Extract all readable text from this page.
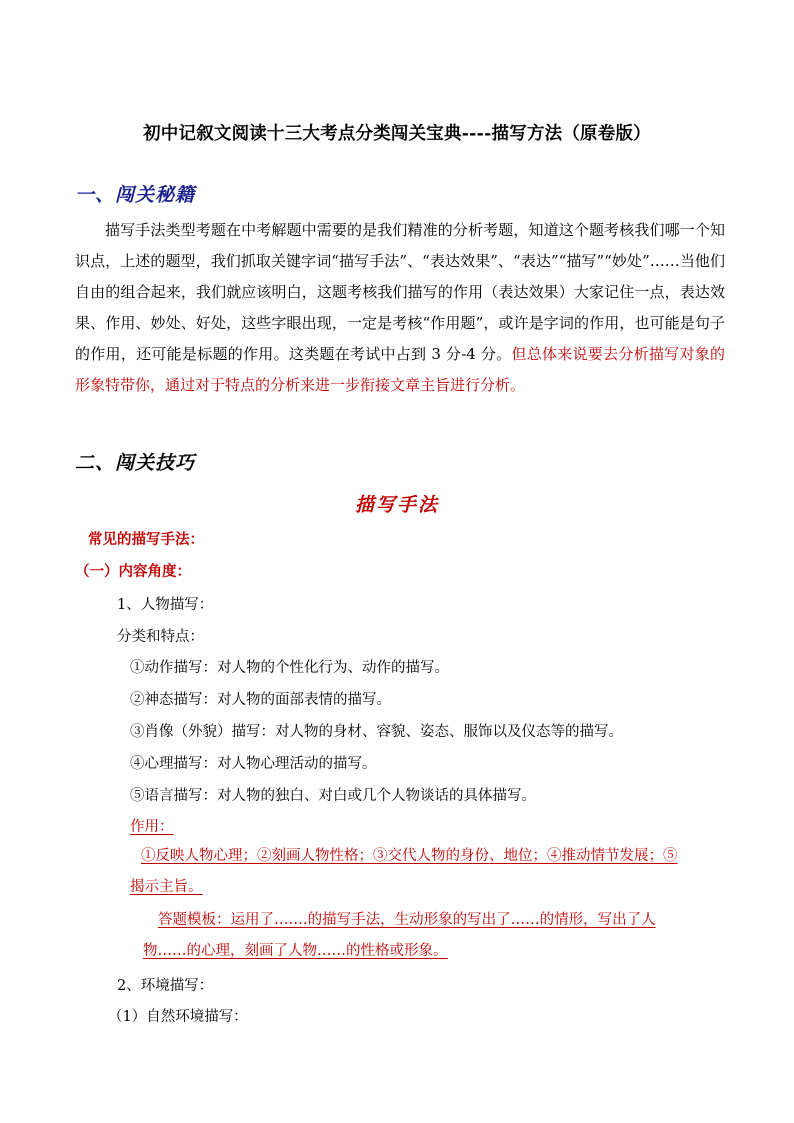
初中记叙文阅读十三大考点分类闯关宝典----描写方法（原卷版）
一、闯关秘籍
描写手法类型考题在中考解题中需要的是我们精准的分析考题，知道这个题考核我们哪一个知识点，上述的题型，我们抓取关键字词“描写手法”、“表达效果”、“表达”“描写”“妙处”……当他们自由的组合起来，我们就应该明白，这题考核我们描写的作用（表达效果）大家记住一点，表达效果、作用、妙处、好处，这些字眼出现，一定是考核“作用题”，或许是字词的作用，也可能是句子的作用，还可能是标题的作用。这类题在考试中占到 3 分-4 分。但总体来说要去分析描写对象的形象特带你，通过对于特点的分析来进一步衔接文章主旨进行分析。
二、闯关技巧
描写手法
常见的描写手法：
（一）内容角度：
1、人物描写：
分类和特点：
①动作描写：对人物的个性化行为、动作的描写。
②神态描写：对人物的面部表情的描写。
③肖像（外貌）描写：对人物的身材、容貌、姿态、服饰以及仪态等的描写。
④心理描写：对人物心理活动的描写。
⑤语言描写：对人物的独白、对白或几个人物谈话的具体描写。
作用：
①反映人物心理；②刻画人物性格；③交代人物的身份、地位；④推动情节发展；⑤
揭示主旨。
答题模板：运用了…….的描写手法，生动形象的写出了……的情形，写出了人
物……的心理，刻画了人物……的性格或形象。
2、环境描写：
（1）自然环境描写：
